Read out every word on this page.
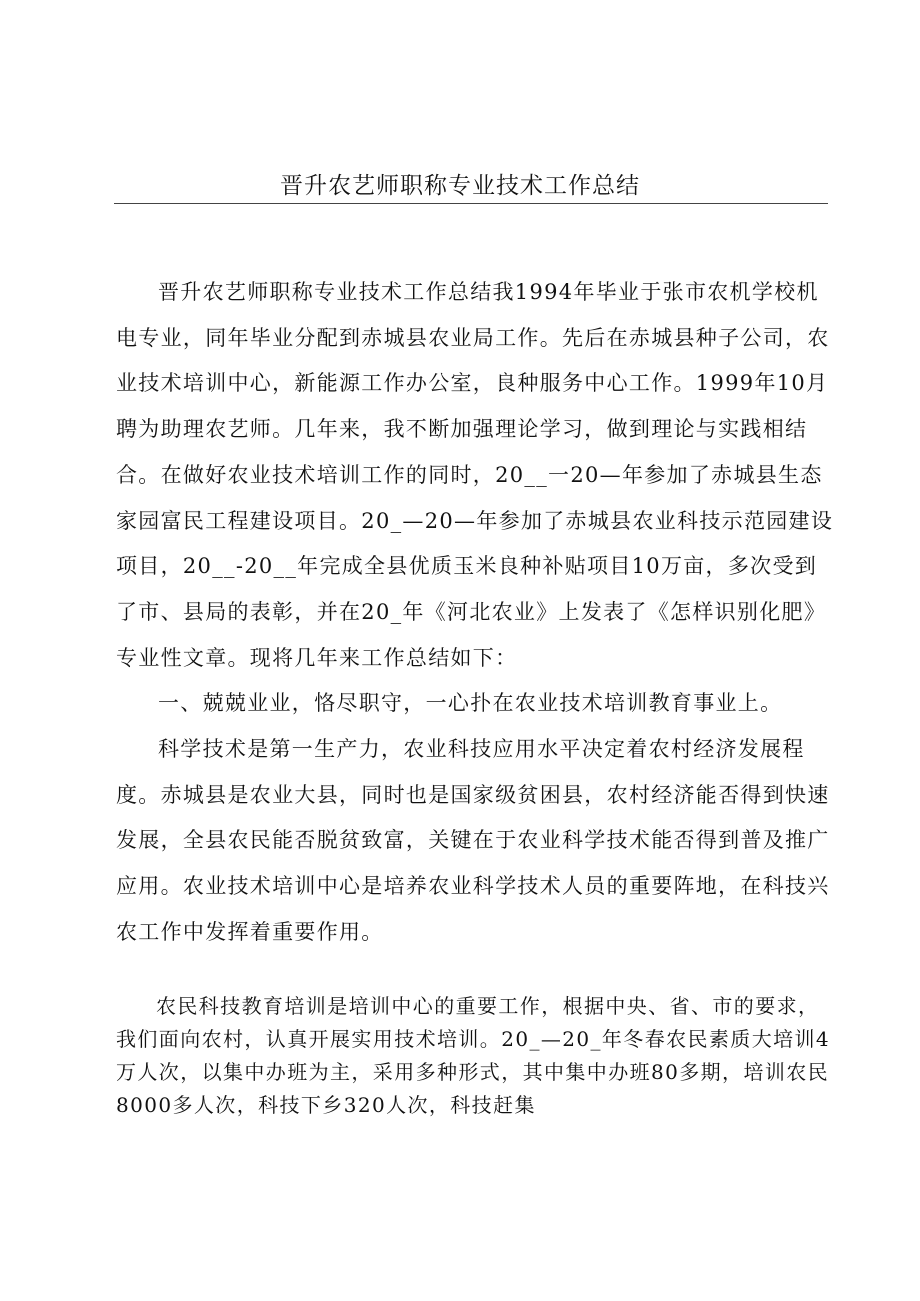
晋升农艺师职称专业技术工作总结

晋升农艺师职称专业技术工作总结我1994年毕业于张市农机学校机电专业，同年毕业分配到赤城县农业局工作。先后在赤城县种子公司，农业技术培训中心，新能源工作办公室，良种服务中心工作。1999年10月聘为助理农艺师。几年来，我不断加强理论学习，做到理论与实践相结合。在做好农业技术培训工作的同时，20__一20—年参加了赤城县生态家园富民工程建设项目。20_—20—年参加了赤城县农业科技示范园建设项目，20__-20__年完成全县优质玉米良种补贴项目10万亩，多次受到了市、县局的表彰，并在20_年《河北农业》上发表了《怎样识别化肥》专业性文章。现将几年来工作总结如下：

一、兢兢业业，恪尽职守，一心扑在农业技术培训教育事业上。

科学技术是第一生产力，农业科技应用水平决定着农村经济发展程度。赤城县是农业大县，同时也是国家级贫困县，农村经济能否得到快速发展，全县农民能否脱贫致富，关键在于农业科学技术能否得到普及推广应用。农业技术培训中心是培养农业科学技术人员的重要阵地，在科技兴农工作中发挥着重要作用。

农民科技教育培训是培训中心的重要工作，根据中央、省、市的要求，我们面向农村，认真开展实用技术培训。20_—20_年冬春农民素质大培训4万人次，以集中办班为主，采用多种形式，其中集中办班80多期，培训农民8000多人次，科技下乡320人次，科技赶集
